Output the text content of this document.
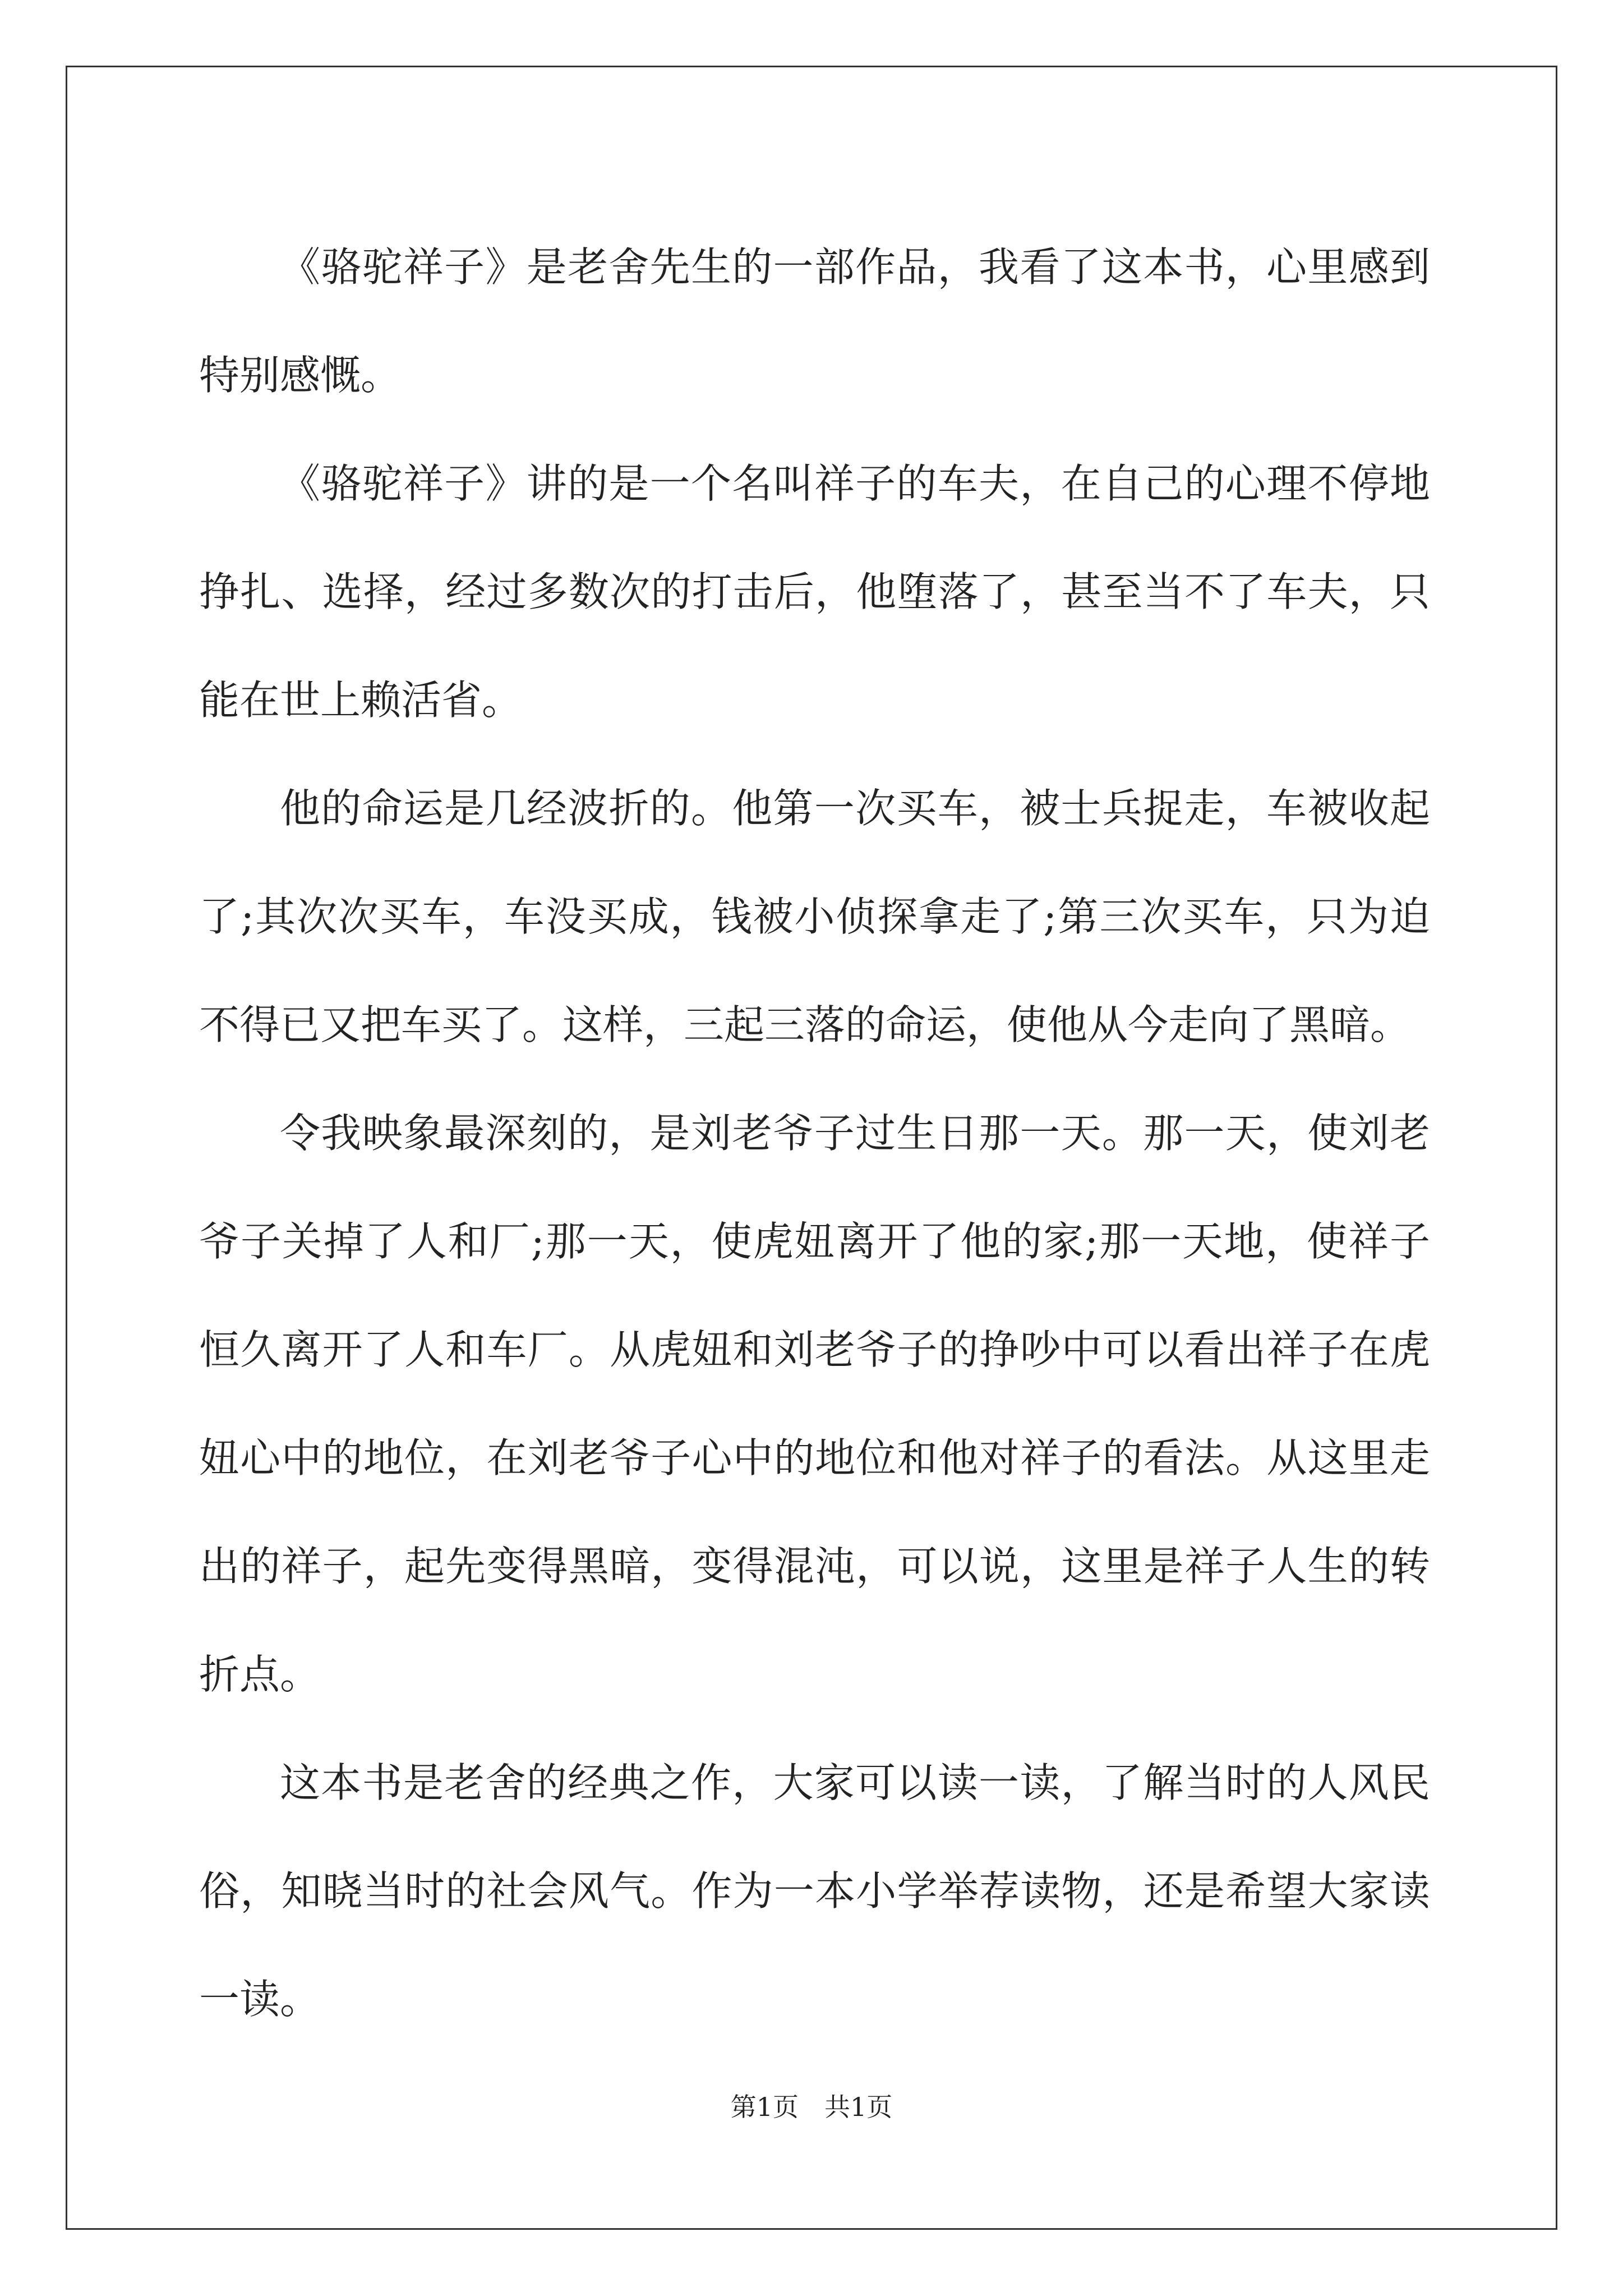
《骆驼祥子》是老舍先生的一部作品，我看了这本书，心里感到特别感慨。

《骆驼祥子》讲的是一个名叫祥子的车夫，在自己的心理不停地挣扎、选择，经过多数次的打击后，他堕落了，甚至当不了车夫，只能在世上赖活省。

他的命运是几经波折的。他第一次买车，被士兵捉走，车被收起了;其次次买车，车没买成，钱被小侦探拿走了;第三次买车，只为迫不得已又把车买了。这样，三起三落的命运，使他从今走向了黑暗。

令我映象最深刻的，是刘老爷子过生日那一天。那一天，使刘老爷子关掉了人和厂;那一天，使虎妞离开了他的家;那一天地，使祥子恒久离开了人和车厂。从虎妞和刘老爷子的挣吵中可以看出祥子在虎妞心中的地位，在刘老爷子心中的地位和他对祥子的看法。从这里走出的祥子，起先变得黑暗，变得混沌，可以说，这里是祥子人生的转折点。

这本书是老舍的经典之作，大家可以读一读，了解当时的人风民俗，知晓当时的社会风气。作为一本小学举荐读物，还是希望大家读一读。

第1页　共1页
